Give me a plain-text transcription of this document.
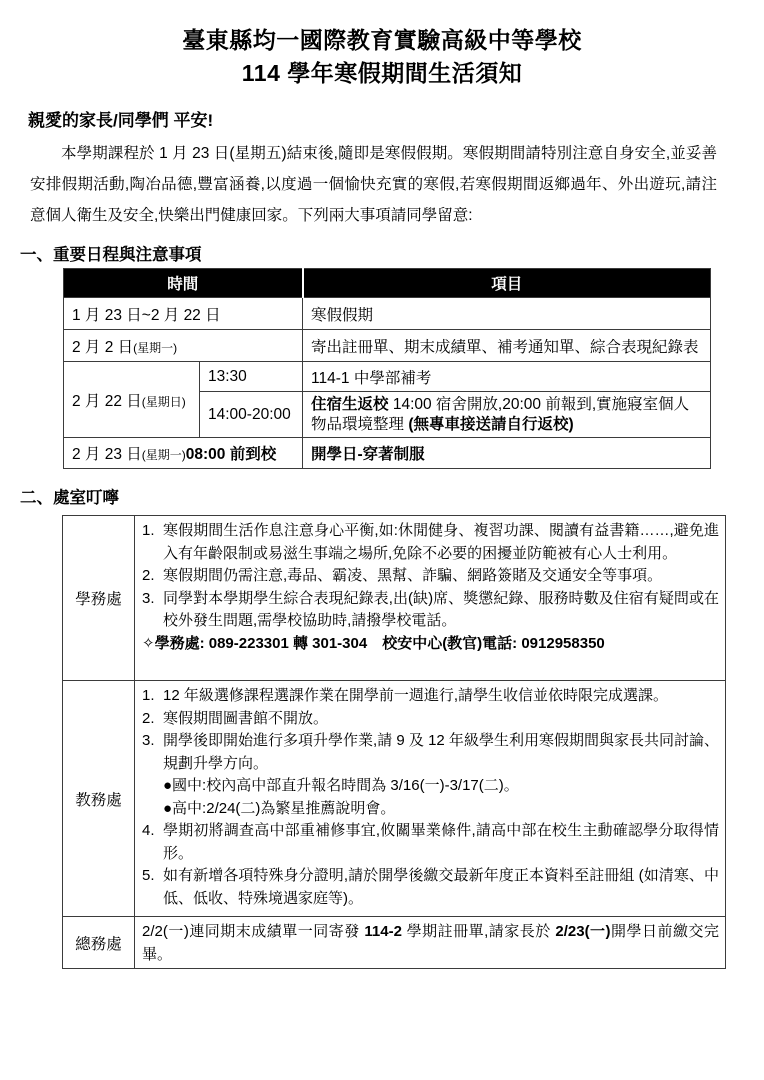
臺東縣均一國際教育實驗高級中等學校
114 學年寒假期間生活須知
親愛的家長/同學們 平安!

本學期課程於 1 月 23 日(星期五)結束後,隨即是寒假假期。寒假期間請特別注意自身安全,並妥善安排假期活動,陶冶品德,豐富涵養,以度過一個愉快充實的寒假,若寒假期間返鄉過年、外出遊玩,請注意個人衛生及安全,快樂出門健康回家。下列兩大事項請同學留意:

一、重要日程與注意事項
時間		項目
1 月 23 日~2 月 22 日		寒假假期
2 月 2 日(星期一)		寄出註冊單、期末成績單、補考通知單、綜合表現紀錄表
2 月 22 日(星期日)	13:30	114-1 中學部補考
	14:00-20:00	住宿生返校 14:00 宿舍開放,20:00 前報到,實施寢室個人物品環境整理 (無專車接送請自行返校)
2 月 23 日(星期一)08:00 前到校		開學日-穿著制服
二、處室叮嚀
學務處	
1. 寒假期間生活作息注意身心平衡,如:休閒健身、複習功課、閱讀有益書籍……,避免進入有年齡限制或易滋生事端之場所,免除不必要的困擾並防範被有心人士利用。
2. 寒假期間仍需注意,毒品、霸凌、黑幫、詐騙、網路簽賭及交通安全等事項。
3. 同學對本學期學生綜合表現紀錄表,出(缺)席、獎懲紀錄、服務時數及住宿有疑問或在校外發生問題,需學校協助時,請撥學校電話。
✧學務處: 089-223301 轉 301-304　校安中心(教官)電話: 0912958350

教務處	
1. 12 年級選修課程選課作業在開學前一週進行,請學生收信並依時限完成選課。
2. 寒假期間圖書館不開放。
3. 開學後即開始進行多項升學作業,請 9 及 12 年級學生利用寒假期間與家長共同討論、規劃升學方向。
●國中:校內高中部直升報名時間為 3/16(一)-3/17(二)。
●高中:2/24(二)為繁星推薦說明會。
4. 學期初將調查高中部重補修事宜,攸關畢業條件,請高中部在校生主動確認學分取得情形。
5. 如有新增各項特殊身分證明,請於開學後繳交最新年度正本資料至註冊組 (如清寒、中低、低收、特殊境遇家庭等)。

總務處	2/2(一)連同期末成績單一同寄發 114-2 學期註冊單,請家長於 2/23(一)開學日前繳交完畢。
